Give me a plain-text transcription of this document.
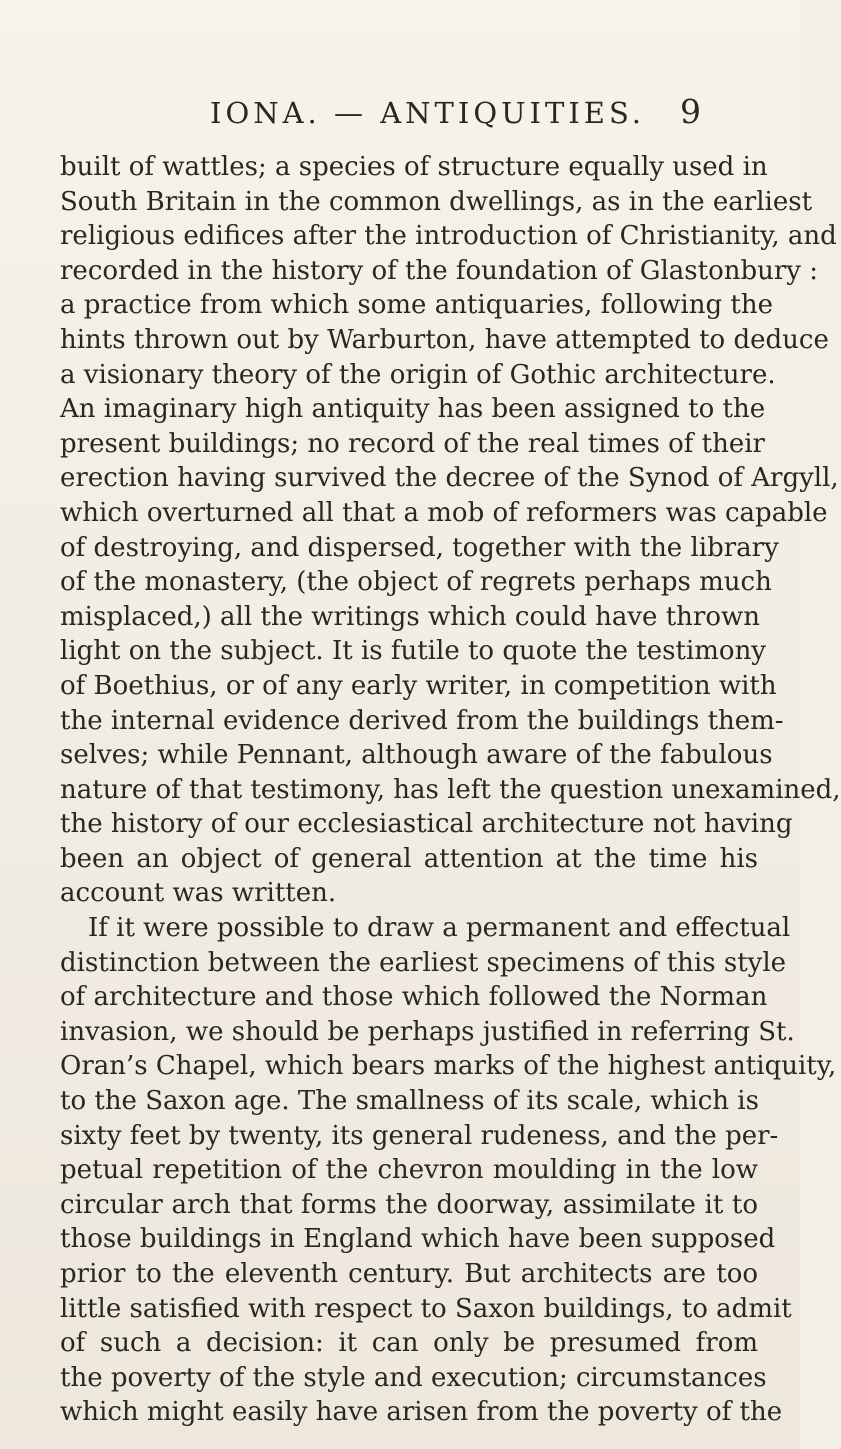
IONA. — ANTIQUITIES. 9
built of wattles; a species of structure equally used in
South Britain in the common dwellings, as in the earliest
religious edifices after the introduction of Christianity, and
recorded in the history of the foundation of Glastonbury :
a practice from which some antiquaries, following the
hints thrown out by Warburton, have attempted to deduce
a visionary theory of the origin of Gothic architecture.
An imaginary high antiquity has been assigned to the
present buildings; no record of the real times of their
erection having survived the decree of the Synod of Argyll,
which overturned all that a mob of reformers was capable
of destroying, and dispersed, together with the library
of the monastery, (the object of regrets perhaps much
misplaced,) all the writings which could have thrown
light on the subject. It is futile to quote the testimony
of Boethius, or of any early writer, in competition with
the internal evidence derived from the buildings them-
selves; while Pennant, although aware of the fabulous
nature of that testimony, has left the question unexamined,
the history of our ecclesiastical architecture not having
been an object of general attention at the time his
account was written.
If it were possible to draw a permanent and effectual
distinction between the earliest specimens of this style
of architecture and those which followed the Norman
invasion, we should be perhaps justified in referring St.
Oran’s Chapel, which bears marks of the highest antiquity,
to the Saxon age. The smallness of its scale, which is
sixty feet by twenty, its general rudeness, and the per-
petual repetition of the chevron moulding in the low
circular arch that forms the doorway, assimilate it to
those buildings in England which have been supposed
prior to the eleventh century. But architects are too
little satisfied with respect to Saxon buildings, to admit
of such a decision: it can only be presumed from
the poverty of the style and execution; circumstances
which might easily have arisen from the poverty of the
